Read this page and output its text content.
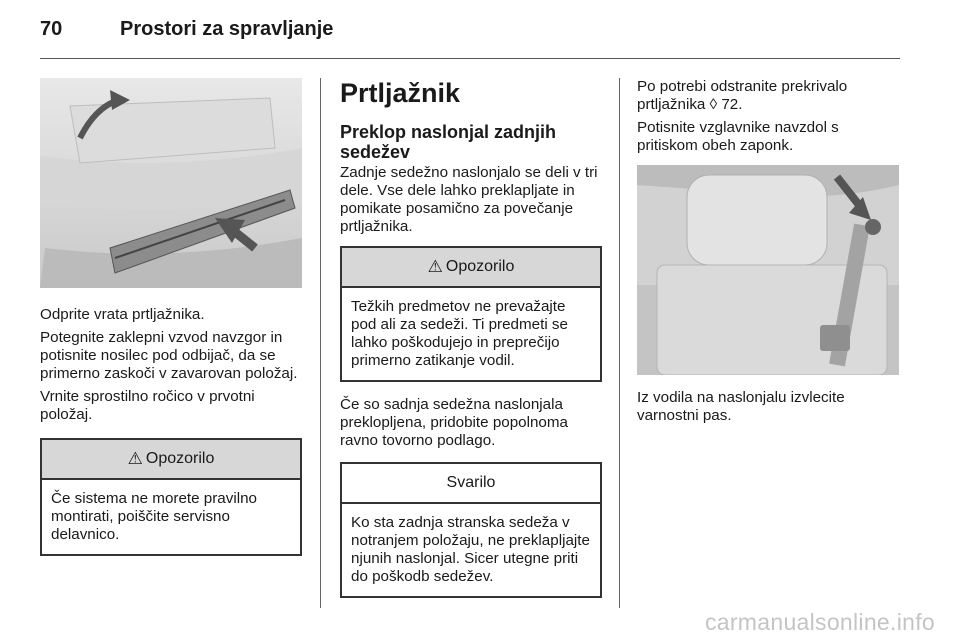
70	Prostori za spravljanje

Odprite vrata prtljažnika.

Potegnite zaklepni vzvod navzgor in potisnite nosilec pod odbijač, da se primerno zaskoči v zavarovan položaj.

Vrnite sprostilno ročico v prvotni položaj.

⚠ Opozorilo
Če sistema ne morete pravilno montirati, poiščite servisno delavnico.
Prtljažnik
Preklop naslonjal zadnjih sedežev

Zadnje sedežno naslonjalo se deli v tri dele. Vse dele lahko preklapljate in pomikate posamično za povečanje prtljažnika.

⚠ Opozorilo
Težkih predmetov ne prevažajte pod ali za sedeži. Ti predmeti se lahko poškodujejo in preprečijo primerno zatikanje vodil.

Če so sadnja sedežna naslonjala preklopljena, pridobite popolnoma ravno tovorno podlago.

Svarilo
Ko sta zadnja stranska sedeža v notranjem položaju, ne preklapljajte njunih naslonjal. Sicer utegne priti do poškodb sedežev.

Po potrebi odstranite prekrivalo prtljažnika ◊ 72.

Potisnite vzglavnike navzdol s pritiskom obeh zaponk.

Iz vodila na naslonjalu izvlecite varnostni pas.

carmanualsonline.info
